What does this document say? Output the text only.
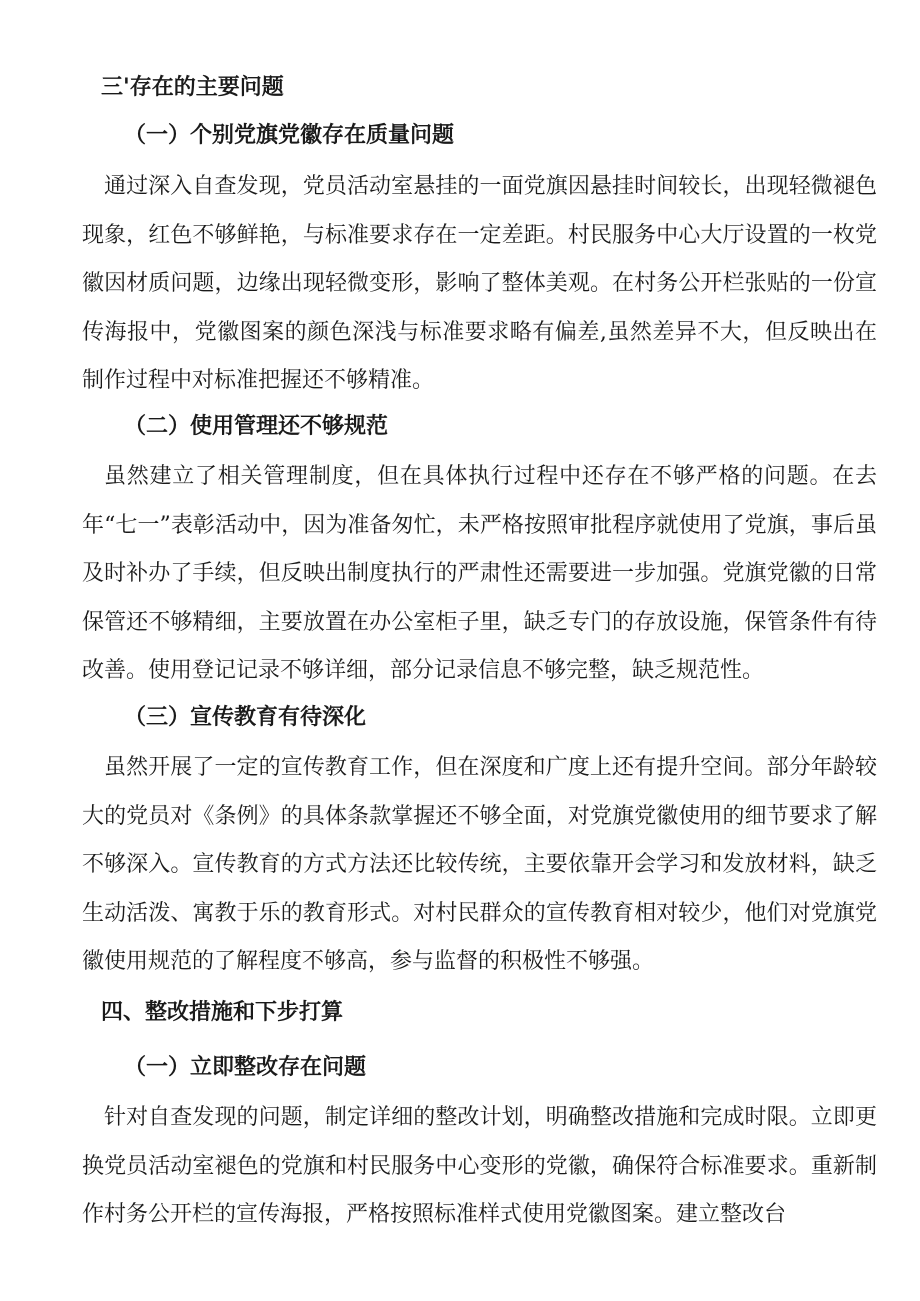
三'存在的主要问题
（一）个别党旗党徽存在质量问题

通过深入自查发现，党员活动室悬挂的一面党旗因悬挂时间较长，出现轻微褪色现象，红色不够鲜艳，与标准要求存在一定差距。村民服务中心大厅设置的一枚党徽因材质问题，边缘出现轻微变形，影响了整体美观。在村务公开栏张贴的一份宣传海报中，党徽图案的颜色深浅与标准要求略有偏差,虽然差异不大，但反映出在制作过程中对标准把握还不够精准。

（二）使用管理还不够规范

虽然建立了相关管理制度，但在具体执行过程中还存在不够严格的问题。在去年“七一”表彰活动中，因为准备匆忙，未严格按照审批程序就使用了党旗，事后虽及时补办了手续，但反映出制度执行的严肃性还需要进一步加强。党旗党徽的日常保管还不够精细，主要放置在办公室柜子里，缺乏专门的存放设施，保管条件有待改善。使用登记记录不够详细，部分记录信息不够完整，缺乏规范性。

（三）宣传教育有待深化

虽然开展了一定的宣传教育工作，但在深度和广度上还有提升空间。部分年龄较大的党员对《条例》的具体条款掌握还不够全面，对党旗党徽使用的细节要求了解不够深入。宣传教育的方式方法还比较传统，主要依靠开会学习和发放材料，缺乏生动活泼、寓教于乐的教育形式。对村民群众的宣传教育相对较少，他们对党旗党徽使用规范的了解程度不够高，参与监督的积极性不够强。

四、整改措施和下步打算
（一）立即整改存在问题

针对自查发现的问题，制定详细的整改计划，明确整改措施和完成时限。立即更换党员活动室褪色的党旗和村民服务中心变形的党徽，确保符合标准要求。重新制作村务公开栏的宣传海报，严格按照标准样式使用党徽图案。建立整改台
